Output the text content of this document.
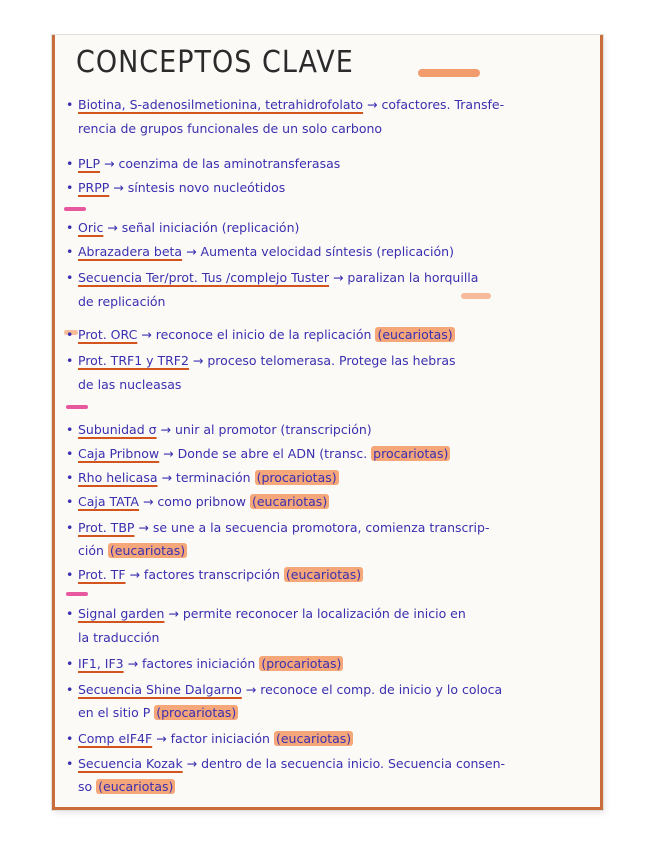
CONCEPTOS CLAVE
• Biotina, S-adenosilmetionina, tetrahidrofolato → cofactores. Transfe-
rencia de grupos funcionales de un solo carbono
• PLP → coenzima de las aminotransferasas
• PRPP → síntesis novo nucleótidos
• Oric → señal iniciación (replicación)
• Abrazadera beta → Aumenta velocidad síntesis (replicación)
• Secuencia Ter/prot. Tus /complejo Tuster → paralizan la horquilla
de replicación
• Prot. ORC → reconoce el inicio de la replicación (eucariotas)
• Prot. TRF1 y TRF2 → proceso telomerasa. Protege las hebras
de las nucleasas
• Subunidad σ → unir al promotor (transcripción)
• Caja Pribnow → Donde se abre el ADN (transc. procariotas)
• Rho helicasa → terminación (procariotas)
• Caja TATA → como pribnow (eucariotas)
• Prot. TBP → se une a la secuencia promotora, comienza transcrip-
ción (eucariotas)
• Prot. TF → factores transcripción (eucariotas)
• Signal garden → permite reconocer la localización de inicio en
la traducción
• IF1, IF3 → factores iniciación (procariotas)
• Secuencia Shine Dalgarno → reconoce el comp. de inicio y lo coloca
en el sitio P (procariotas)
• Comp eIF4F → factor iniciación (eucariotas)
• Secuencia Kozak → dentro de la secuencia inicio. Secuencia consen-
so (eucariotas)
